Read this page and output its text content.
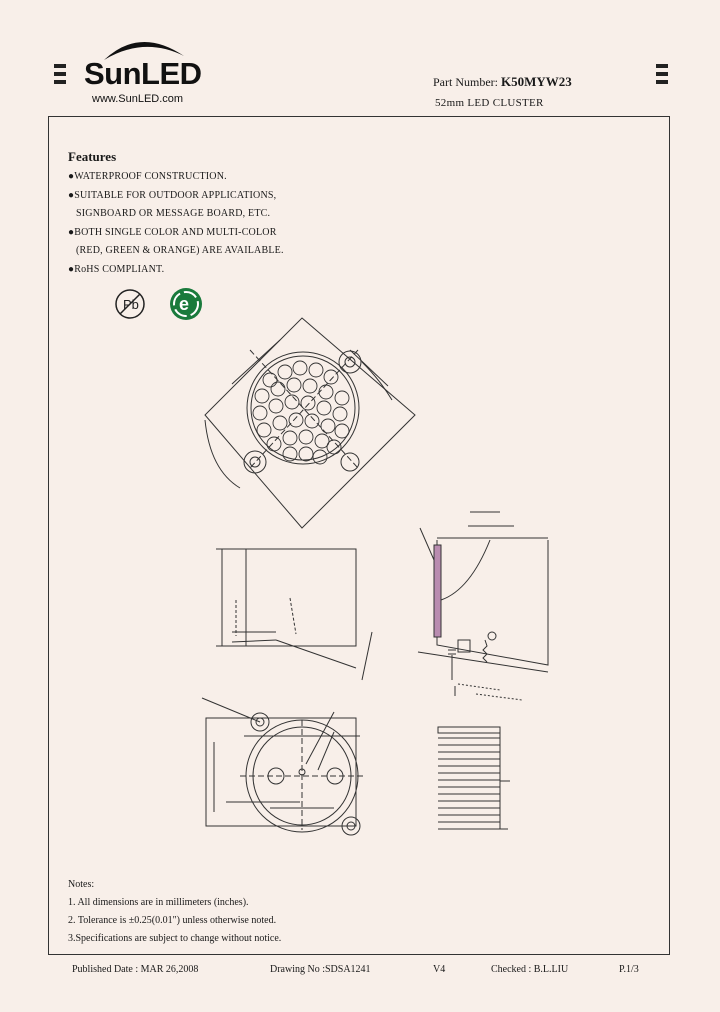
SunLED
www.SunLED.com
Part Number: K50MYW23
52mm LED CLUSTER
Features
●WATERPROOF CONSTRUCTION.
●SUITABLE FOR OUTDOOR APPLICATIONS,
SIGNBOARD OR MESSAGE BOARD, ETC.
●BOTH SINGLE COLOR AND MULTI-COLOR
(RED, GREEN & ORANGE) ARE AVAILABLE.
●RoHS COMPLIANT.
Pb e
Notes:
1. All dimensions are in millimeters (inches).
2. Tolerance is ±0.25(0.01") unless otherwise noted.
3.Specifications are subject to change without notice.
Published Date : MAR 26,2008	Drawing No :SDSA1241	V4	Checked : B.L.LIU	P.1/3
